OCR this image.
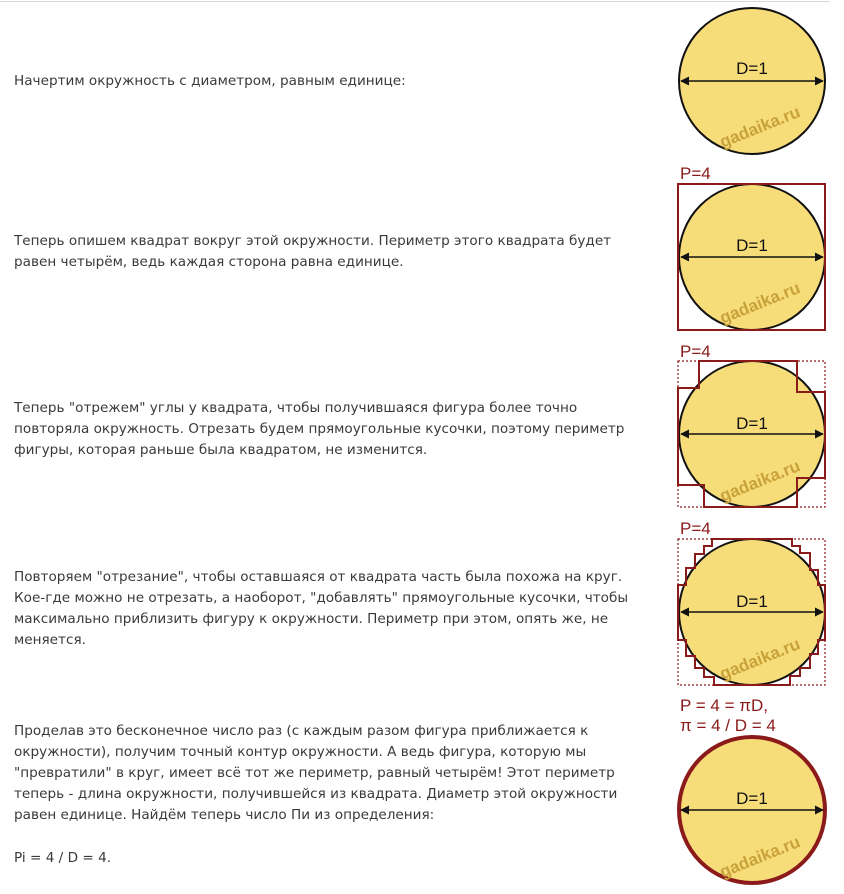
Начертим окружность с диаметром, равным единице:
Теперь опишем квадрат вокруг этой окружности. Периметр этого квадрата будет
равен четырём, ведь каждая сторона равна единице.
Теперь "отрежем" углы у квадрата, чтобы получившаяся фигура более точно
повторяла окружность. Отрезать будем прямоугольные кусочки, поэтому периметр
фигуры, которая раньше была квадратом, не изменится.
Повторяем "отрезание", чтобы оставшаяся от квадрата часть была похожа на круг.
Кое-где можно не отрезать, а наоборот, "добавлять" прямоугольные кусочки, чтобы
максимально приблизить фигуру к окружности. Периметр при этом, опять же, не
меняется.
Проделав это бесконечное число раз (с каждым разом фигура приближается к
окружности), получим точный контур окружности. А ведь фигура, которую мы
"превратили" в круг, имеет всё тот же периметр, равный четырём! Этот периметр
теперь - длина окружности, получившейся из квадрата. Диаметр этой окружности
равен единице. Найдём теперь число Пи из определения:
Pi = 4 / D = 4.
D=1
gadaika.ru
P=4
D=1
gadaika.ru
P=4
D=1
gadaika.ru
P=4
D=1
gadaika.ru
P = 4 = πD,
π = 4 / D = 4
D=1
gadaika.ru
